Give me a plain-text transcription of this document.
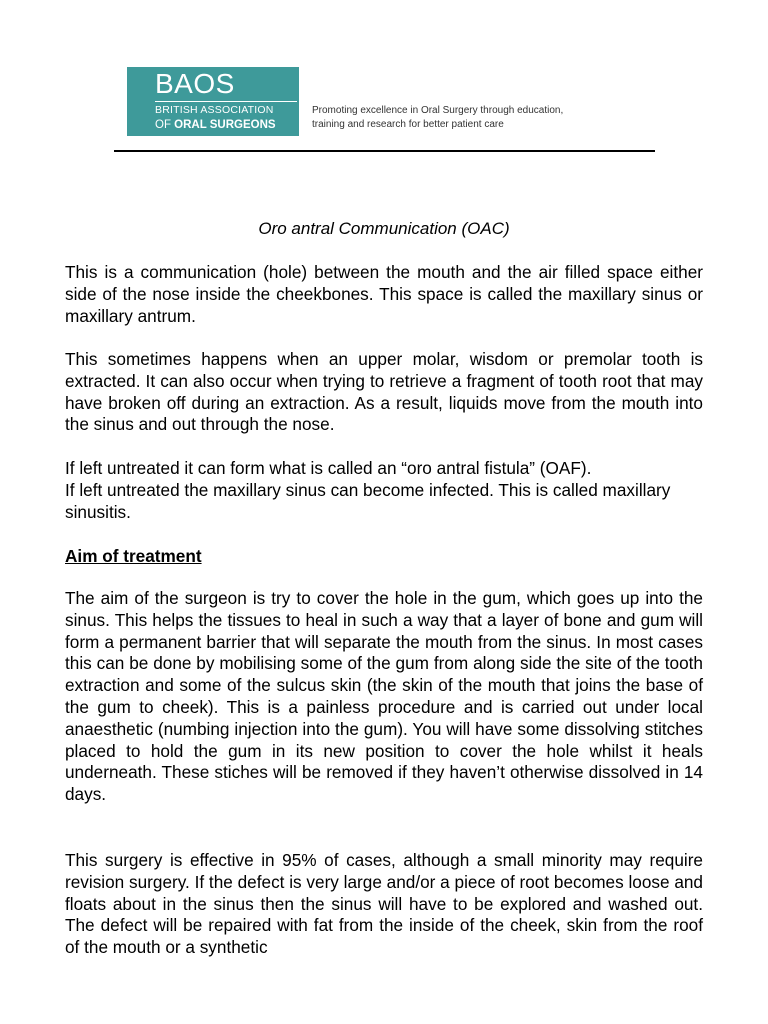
BAOS
BRITISH ASSOCIATION
OF ORAL SURGEONS
Promoting excellence in Oral Surgery through education,
training and research for better patient care

Oro antral Communication (OAC)

This is a communication (hole) between the mouth and the air filled space either side of the nose inside the cheekbones. This space is called the maxillary sinus or maxillary antrum.

This sometimes happens when an upper molar, wisdom or premolar tooth is extracted. It can also occur when trying to retrieve a fragment of tooth root that may have broken off during an extraction. As a result, liquids move from the mouth into the sinus and out through the nose.

If left untreated it can form what is called an “oro antral fistula” (OAF).
If left untreated the maxillary sinus can become infected. This is called maxillary sinusitis.

Aim of treatment

The aim of the surgeon is try to cover the hole in the gum, which goes up into the sinus. This helps the tissues to heal in such a way that a layer of bone and gum will form a permanent barrier that will separate the mouth from the sinus. In most cases this can be done by mobilising some of the gum from along side the site of the tooth extraction and some of the sulcus skin (the skin of the mouth that joins the base of the gum to cheek). This is a painless procedure and is carried out under local anaesthetic (numbing injection into the gum). You will have some dissolving stitches placed to hold the gum in its new position to cover the hole whilst it heals underneath. These stiches will be removed if they haven’t otherwise dissolved in 14 days.

This surgery is effective in 95% of cases, although a small minority may require revision surgery. If the defect is very large and/or a piece of root becomes loose and floats about in the sinus then the sinus will have to be explored and washed out. The defect will be repaired with fat from the inside of the cheek, skin from the roof of the mouth or a synthetic
